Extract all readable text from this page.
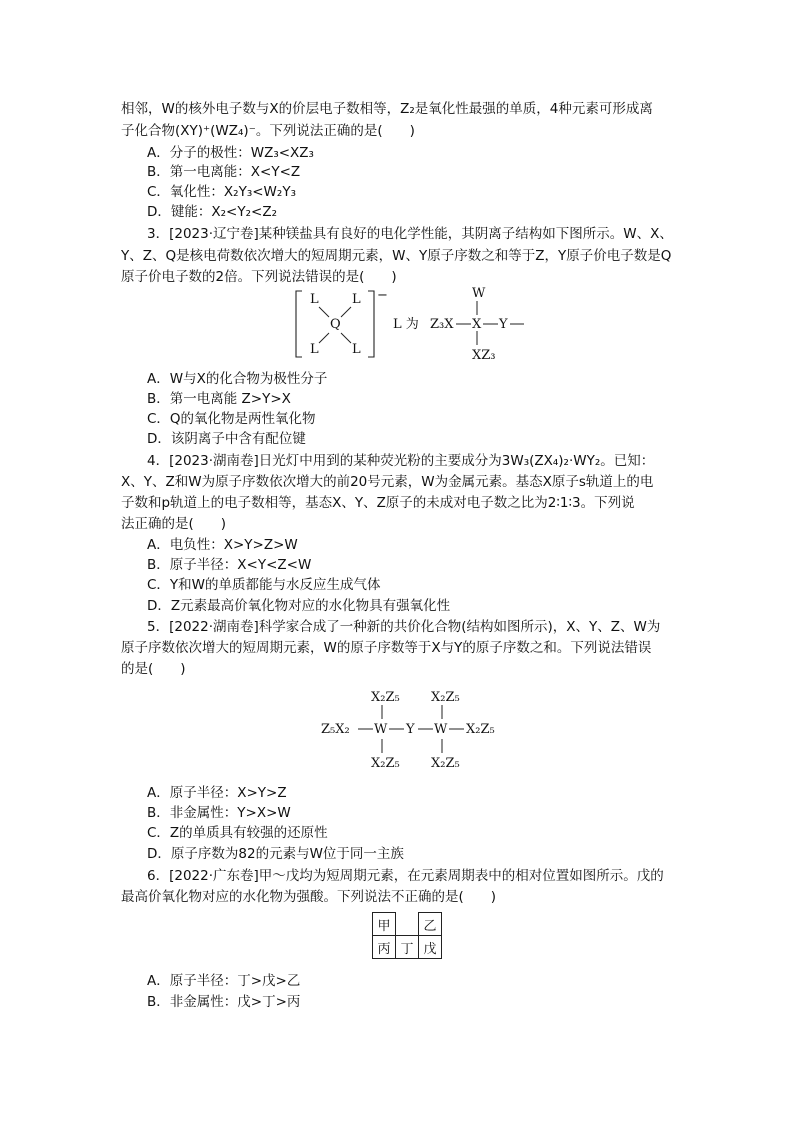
相邻，W的核外电子数与X的价层电子数相等，Z₂是氧化性最强的单质，4种元素可形成离
子化合物(XY)⁺(WZ₄)⁻。下列说法正确的是(　　)
A．分子的极性：WZ₃<XZ₃
B．第一电离能：X<Y<Z
C．氧化性：X₂Y₃<W₂Y₃
D．键能：X₂<Y₂<Z₂
3．[2023·辽宁卷]某种镁盐具有良好的电化学性能，其阴离子结构如下图所示。W、X、
Y、Z、Q是核电荷数依次增大的短周期元素，W、Y原子序数之和等于Z，Y原子价电子数是Q
原子价电子数的2倍。下列说法错误的是(　　)
−
L	L
L	L
Q	L 为 Z₃X X Y
W
XZ₃
A．W与X的化合物为极性分子
B．第一电离能 Z>Y>X
C．Q的氧化物是两性氧化物
D．该阴离子中含有配位键
4．[2023·湖南卷]日光灯中用到的某种荧光粉的主要成分为3W₃(ZX₄)₂·WY₂。已知：
X、Y、Z和W为原子序数依次增大的前20号元素，W为金属元素。基态X原子s轨道上的电
子数和p轨道上的电子数相等，基态X、Y、Z原子的未成对电子数之比为2∶1∶3。下列说
法正确的是(　　)
A．电负性：X>Y>Z>W
B．原子半径：X<Y<Z<W
C．Y和W的单质都能与水反应生成气体
D．Z元素最高价氧化物对应的水化物具有强氧化性
5．[2022·湖南卷]科学家合成了一种新的共价化合物(结构如图所示)，X、Y、Z、W为
原子序数依次增大的短周期元素，W的原子序数等于X与Y的原子序数之和。下列说法错误
的是(　　)
X₂Z₅ X₂Z₅
Z₅X₂ W Y W X₂Z₅
X₂Z₅ X₂Z₅
A．原子半径：X>Y>Z
B．非金属性：Y>X>W
C．Z的单质具有较强的还原性
D．原子序数为82的元素与W位于同一主族
6．[2022·广东卷]甲～戊均为短周期元素，在元素周期表中的相对位置如图所示。戊的
最高价氧化物对应的水化物为强酸。下列说法不正确的是(　　)
甲		乙
丙	丁	戊
A．原子半径：丁>戊>乙
B．非金属性：戊>丁>丙
